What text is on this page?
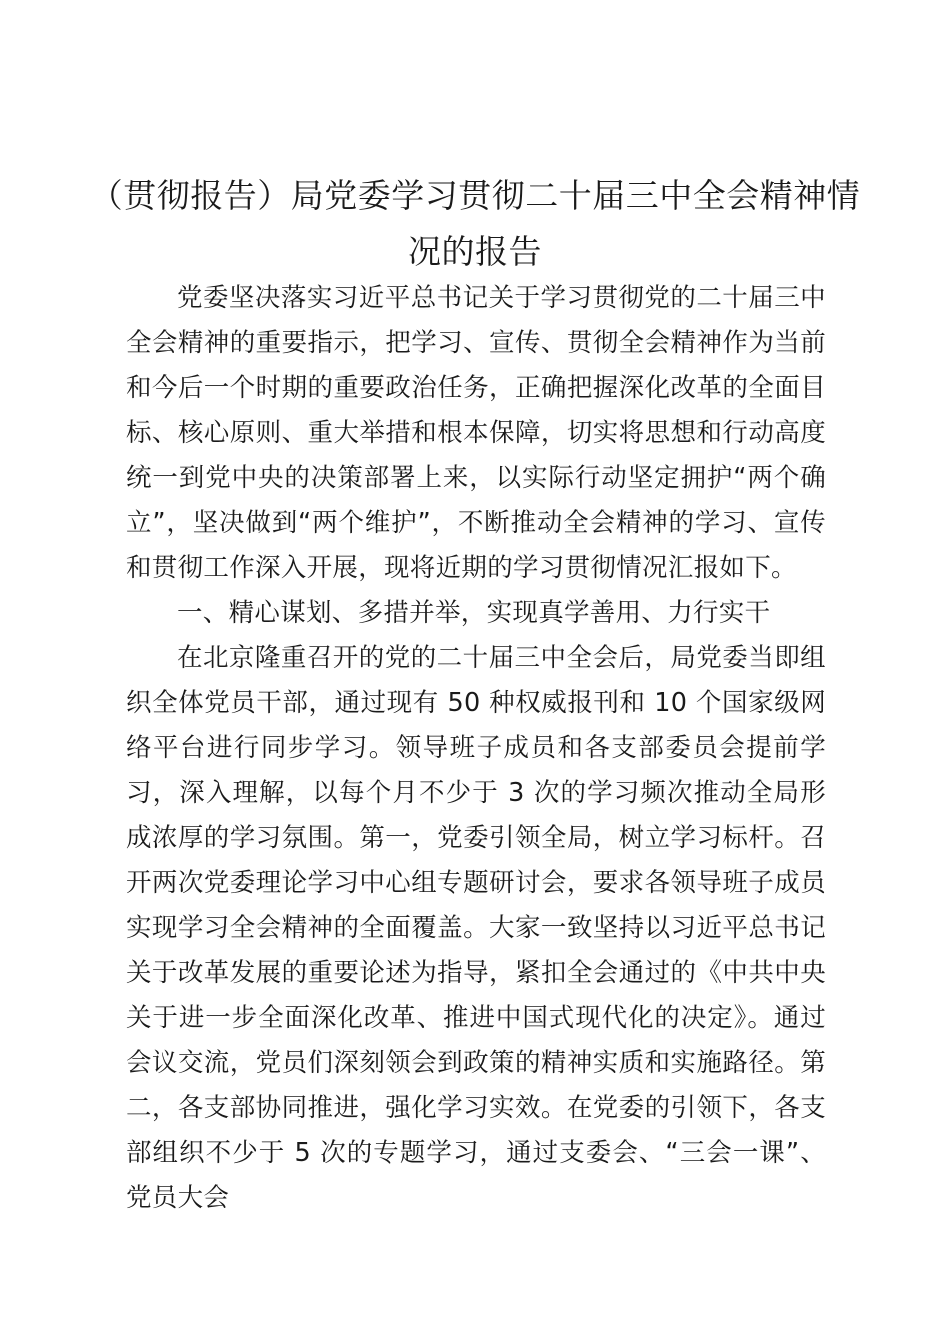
（贯彻报告）局党委学习贯彻二十届三中全会精神情况的报告

党委坚决落实习近平总书记关于学习贯彻党的二十届三中全会精神的重要指示，把学习、宣传、贯彻全会精神作为当前和今后一个时期的重要政治任务，正确把握深化改革的全面目标、核心原则、重大举措和根本保障，切实将思想和行动高度统一到党中央的决策部署上来，以实际行动坚定拥护“两个确立”，坚决做到“两个维护”，不断推动全会精神的学习、宣传和贯彻工作深入开展，现将近期的学习贯彻情况汇报如下。

一、精心谋划、多措并举，实现真学善用、力行实干

在北京隆重召开的党的二十届三中全会后，局党委当即组织全体党员干部，通过现有 50 种权威报刊和 10 个国家级网络平台进行同步学习。领导班子成员和各支部委员会提前学习，深入理解，以每个月不少于 3 次的学习频次推动全局形成浓厚的学习氛围。第一，党委引领全局，树立学习标杆。召开两次党委理论学习中心组专题研讨会，要求各领导班子成员实现学习全会精神的全面覆盖。大家一致坚持以习近平总书记关于改革发展的重要论述为指导，紧扣全会通过的《中共中央关于进一步全面深化改革、推进中国式现代化的决定》。通过会议交流，党员们深刻领会到政策的精神实质和实施路径。第二，各支部协同推进，强化学习实效。在党委的引领下，各支部组织不少于 5 次的专题学习，通过支委会、“三会一课”、党员大会
